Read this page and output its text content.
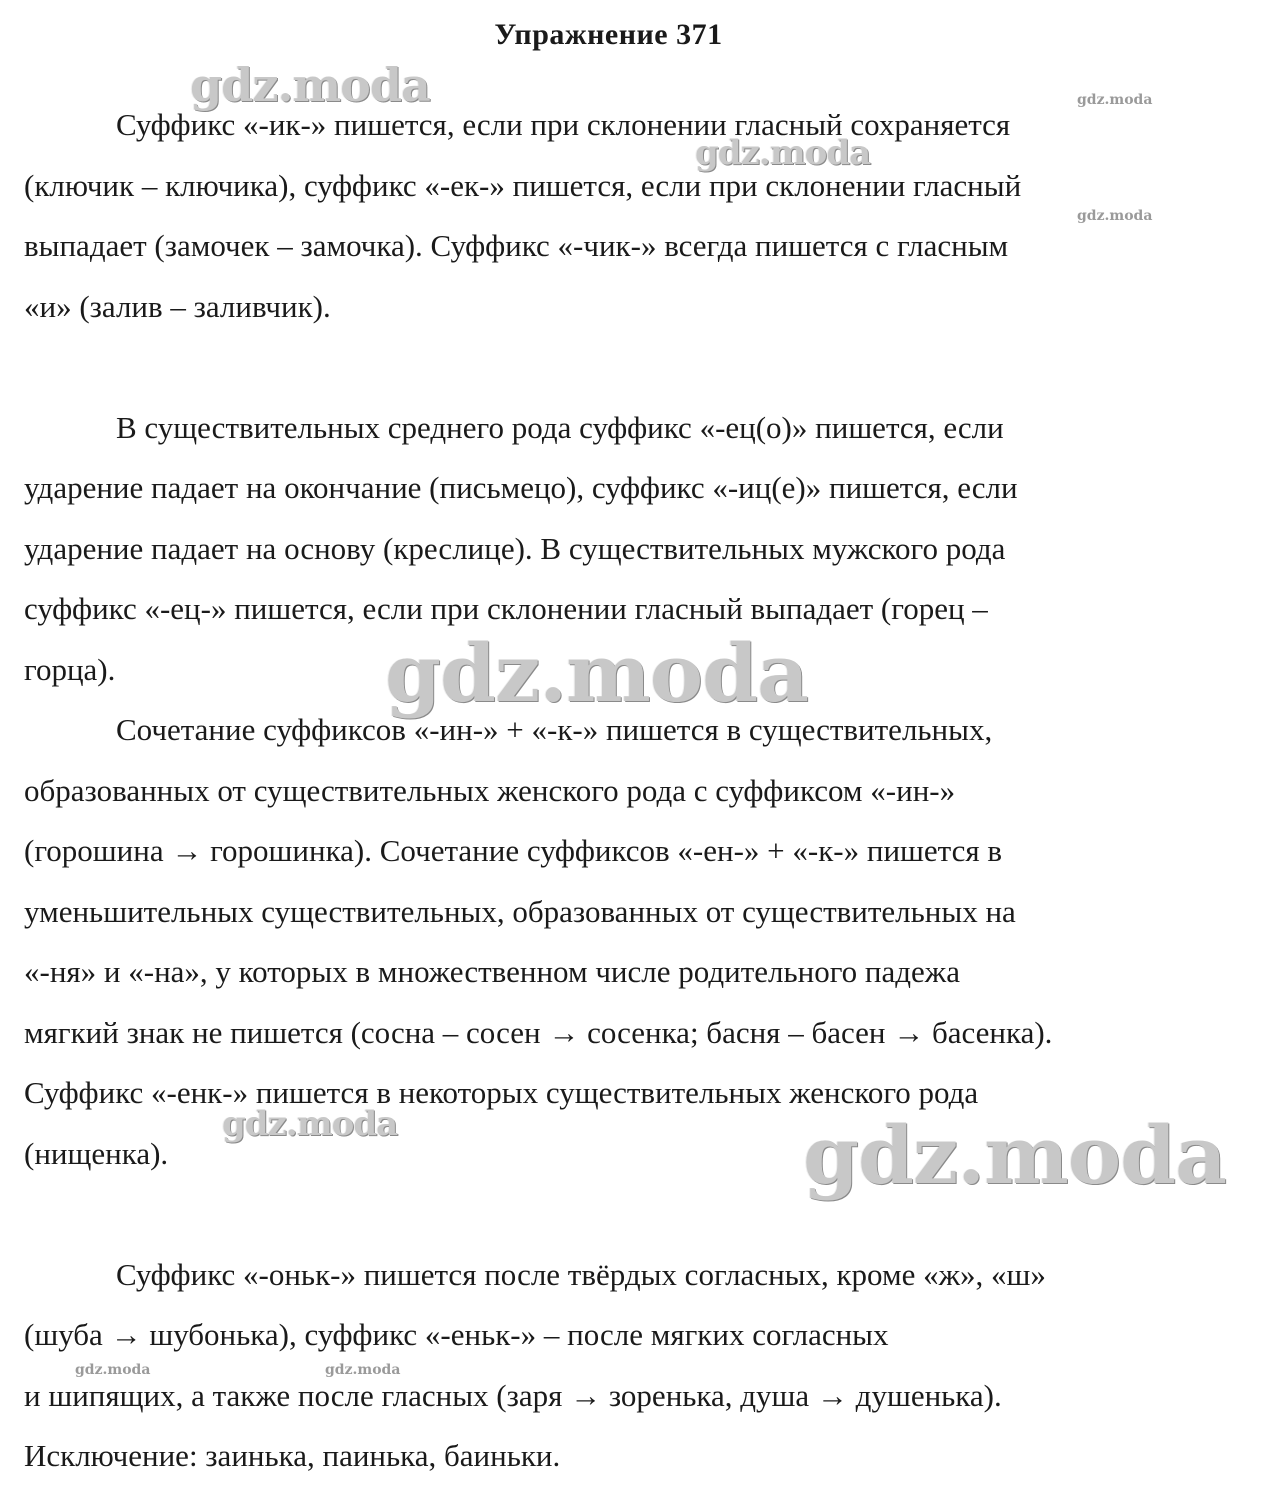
Упражнение 371
Суффикс «-ик-» пишется, если при склонении гласный сохраняется
(ключик – ключика), суффикс «-ек-» пишется, если при склонении гласный
выпадает (замочек – замочка). Суффикс «-чик-» всегда пишется с гласным
«и» (залив – заливчик).
В существительных среднего рода суффикс «-ец(о)» пишется, если
ударение падает на окончание (письмецо), суффикс «-иц(е)» пишется, если
ударение падает на основу (креслице). В существительных мужского рода
суффикс «-ец-» пишется, если при склонении гласный выпадает (горец –
горца).
Сочетание суффиксов «-ин-» + «-к-» пишется в существительных,
образованных от существительных женского рода с суффиксом «-ин-»
(горошина → горошинка). Сочетание суффиксов «-ен-» + «-к-» пишется в
уменьшительных существительных, образованных от существительных на
«-ня» и «-на», у которых в множественном числе родительного падежа
мягкий знак не пишется (сосна – сосен → сосенка; басня – басен → басенка).
Суффикс «-енк-» пишется в некоторых существительных женского рода
(нищенка).
Суффикс «-оньк-» пишется после твёрдых согласных, кроме «ж», «ш»
(шуба → шубонька), суффикс «-еньк-» – после мягких согласных
и шипящих, а также после гласных (заря → зоренька, душа → душенька).
Исключение: заинька, паинька, баиньки.
gdz.moda
gdz.moda
gdz.moda
gdz.moda
gdz.moda
gdz.moda	gdz.moda
gdz.moda	gdz.moda
